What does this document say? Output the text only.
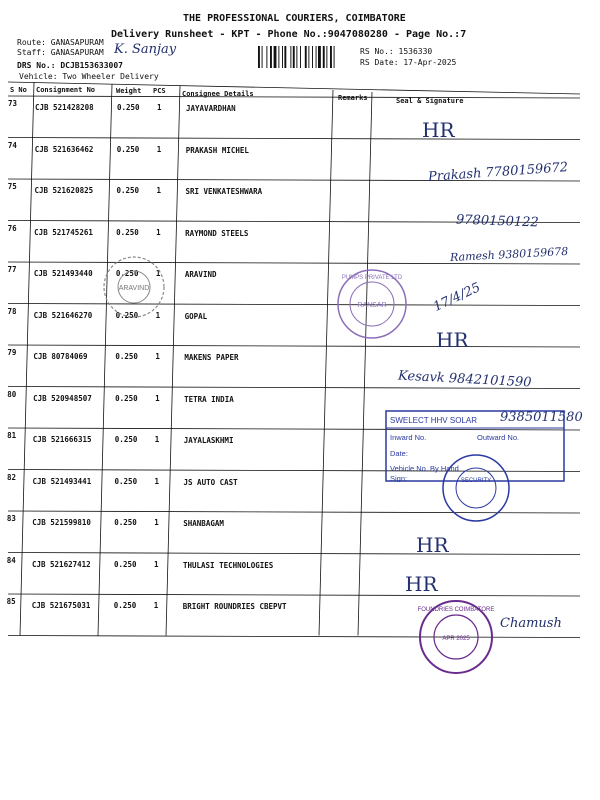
THE PROFESSIONAL COURIERS, COIMBATORE
Delivery Runsheet - KPT - Phone No.:9047080280 - Page No.:7
Route: GANASAPURAM
Staff: GANASAPURAM K. Sanjay
DRS No.: DCJB153633007
Vehicle: Two Wheeler Delivery
RS No.: 1536330
RS Date: 17-Apr-2025
S No Consignment No	Weight PCS Consignee Details	Remarks	Seal & Signature
73 CJB 521428208	0.250 1	JAYAVARDHAN
74 CJB 521636462	0.250 1	PRAKASH MICHEL
75 CJB 521620825	0.250 1	SRI VENKATESHWARA
76 CJB 521745261	0.250 1	RAYMOND STEELS
77 CJB 521493440	0.250 1	ARAVIND
78 CJB 521646270	0.250 1	GOPAL
79 CJB 80784069	0.250 1	MAKENS PAPER
80 CJB 520948507	0.250 1	TETRA INDIA
81 CJB 521666315	0.250 1	JAYALASKHMI
82 CJB 521493441	0.250 1	JS AUTO CAST
83 CJB 521599810	0.250 1	SHANBAGAM
84 CJB 521627412	0.250 1	THULASI TECHNOLOGIES
85 CJB 521675031	0.250 1	BRIGHT ROUNDRIES CBEPVT
HR
Prakash 7780159672
9780150122
Ramesh 9380159678
17/4/25
HR
Kesavk 9842101590
9385011580
HR
HR
Chamush
ARAVIND
PUMPS PRIVATE LTD
RANSAR
SWELECT HHV SOLAR
Inward No.	Outward No.
Date:
Vehicle No. By Hand
Sign:	SECURITY
FOUNDRIES COIMBATORE
APR 2025
